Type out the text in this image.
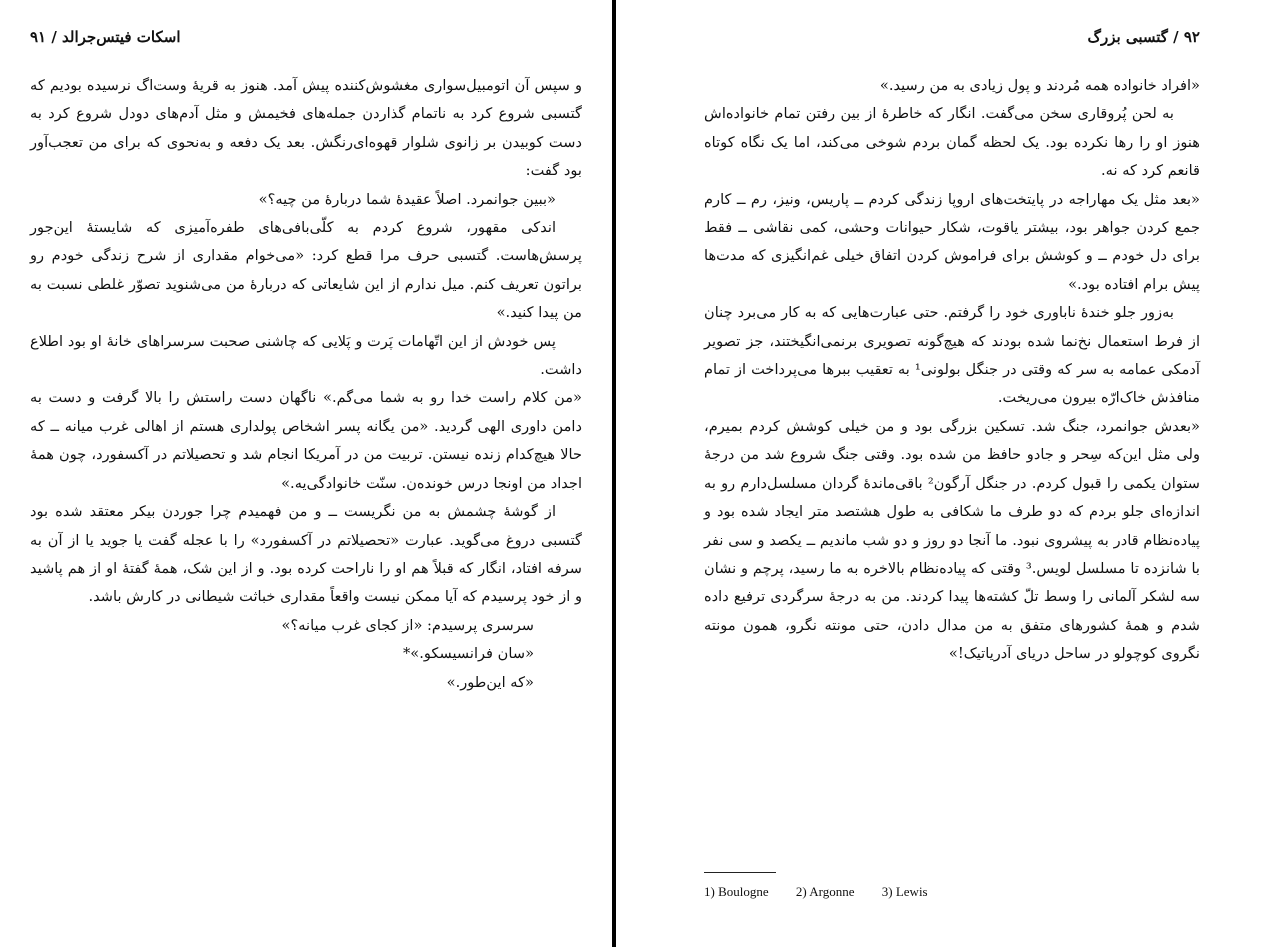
اسکات فیتس‌جرالد / ۹۱

و سپس آن اتومبیل‌سواری مغشوش‌کننده پیش آمد. هنوز به قریهٔ وست‌اگ نرسیده بودیم که گتسبی شروع کرد به ناتمام گذاردن جمله‌های فخیمش و مثل آدم‌های دودل شروع کرد به دست کوبیدن بر زانوی شلوار قهوه‌ای‌رنگش. بعد یک دفعه و به‌نحوی که برای من تعجب‌آور بود گفت:

«ببین جوانمرد. اصلاً عقیدهٔ شما دربارهٔ من چیه؟»

اندکی مقهور، شروع کردم به کلّی‌بافی‌های طفره‌آمیزی که شایستهٔ این‌جور پرسش‌هاست. گتسبی حرف مرا قطع کرد: «می‌خوام مقداری از شرح زندگی خودم رو براتون تعریف کنم. میل ندارم از این شایعاتی که دربارهٔ من می‌شنوید تصوّر غلطی نسبت به من پیدا کنید.»

پس خودش از این اتّهامات پَرت و پَلایی که چاشنی صحبت سرسراهای خانهٔ او بود اطلاع داشت.

«من کلام راست خدا رو به شما می‌گم.» ناگهان دست راستش را بالا گرفت و دست به دامن داوری الهی گردید. «من یگانه پسر اشخاص پولداری هستم از اهالی غرب میانه ــ که حالا هیچ‌کدام زنده نیستن. تربیت من در آمریکا انجام شد و تحصیلاتم در آکسفورد، چون همهٔ اجداد من اونجا درس خونده‌ن. سنّت خانوادگی‌یه.»

از گوشهٔ چشمش به من نگریست ــ و من فهمیدم چرا جوردن بیکر معتقد شده بود گتسبی دروغ می‌گوید. عبارت «تحصیلاتم در آکسفورد» را با عجله گفت یا جوید یا از آن به سرفه افتاد، انگار که قبلاً هم او را ناراحت کرده بود. و از این شک، همهٔ گفته‌ٔ او از هم پاشید و از خود پرسیدم که آیا ممکن نیست واقعاً مقداری خباثت شیطانی در کارش باشد.

سرسری پرسیدم: «از کجای غرب میانه؟»

«سان فرانسیسکو.»*

«که این‌طور.»

۹۲ / گتسبی بزرگ

«افراد خانواده همه مُردند و پول زیادی به من رسید.»

به لحن پُروقاری سخن می‌گفت. انگار که خاطرهٔ از بین رفتن تمام خانواده‌اش هنوز او را رها نکرده بود. یک لحظه گمان بردم شوخی می‌کند، اما یک نگاه کوتاه قانعم کرد که نه.

«بعد مثل یک مهاراجه در پایتخت‌های اروپا زندگی کردم ــ پاریس، ونیز، رم ــ کارم جمع کردن جواهر بود، بیشتر یاقوت، شکار حیوانات وحشی، کمی نقاشی ــ فقط برای دل خودم ــ و کوشش برای فراموش کردن اتفاق خیلی غم‌انگیزی که مدت‌ها پیش برام افتاده بود.»

به‌زور جلو خندهٔ ناباوری خود را گرفتم. حتی عبارت‌هایی که به کار می‌برد چنان از فرط استعمال نخ‌نما شده بودند که هیچ‌گونه تصویری برنمی‌انگیختند، جز تصویر آدمکی عمامه به سر که وقتی در جنگل بولونی¹ به تعقیب ببرها می‌پرداخت از تمام منافذش خاک‌ارّه بیرون می‌ریخت.

«بعدش جوانمرد، جنگ شد. تسکین بزرگی بود و من خیلی کوشش کردم بمیرم، ولی مثل این‌که سِحر و جادو حافظ من شده بود. وقتی جنگ شروع شد من درجهٔ ستوان یکمی را قبول کردم. در جنگل آرگون² باقی‌ماندهٔ گردان مسلسل‌دارم رو به اندازه‌ای جلو بردم که دو طرف ما شکافی به طول هشتصد متر ایجاد شده بود و پیاده‌نظام قادر به پیشروی نبود. ما آنجا دو روز و دو شب ماندیم ــ یکصد و سی نفر با شانزده تا مسلسل لویس.³ وقتی که پیاده‌نظام بالاخره به ما رسید، پرچم و نشان سه لشکر آلمانی را وسط تلّ کشته‌ها پیدا کردند. من به درجهٔ سرگردی ترفیع داده شدم و همهٔ کشورهای متفق به من مدال دادن، حتی مونته نگرو، همون مونته نگروی کوچولو در ساحل دریای آدریاتیک!»

1) Boulogne 2) Argonne 3) Lewis
